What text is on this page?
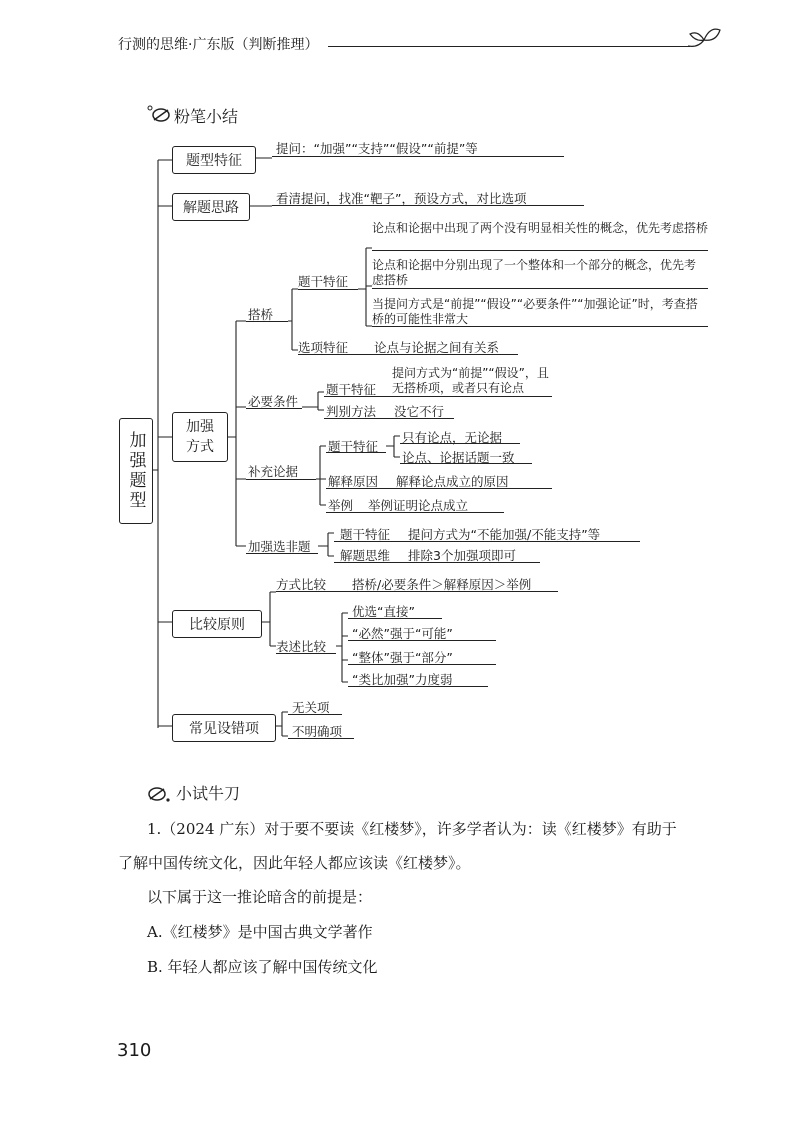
行测的思维·广东版（判断推理）
粉笔小结
加强题型
题型特征
提问：“加强”“支持”“假设”“前提”等
解题思路
看清提问，找准“靶子”，预设方式，对比选项
加强方式
搭桥
题干特征
论点和论据中出现了两个没有明显相关性的概念，优先考虑搭桥
论点和论据中分别出现了一个整体和一个部分的概念，优先考虑搭桥
当提问方式是“前提”“假设”“必要条件”“加强论证”时，考查搭桥的可能性非常大
选项特征 论点与论据之间有关系
必要条件
题干特征
提问方式为“前提”“假设”，且无搭桥项，或者只有论点
判别方法 没它不行
补充论据
题干特征
只有论点，无论据
论点、论据话题一致
解释原因 解释论点成立的原因
举例 举例证明论点成立
加强选非题
题干特征 提问方式为“不能加强/不能支持”等
解题思维 排除3个加强项即可
比较原则
方式比较 搭桥/必要条件＞解释原因＞举例
表述比较
优选“直接”
“必然”强于“可能”
“整体”强于“部分”
“类比加强”力度弱
常见设错项
无关项
不明确项
小试牛刀
1.（2024 广东）对于要不要读《红楼梦》，许多学者认为：读《红楼梦》有助于
了解中国传统文化，因此年轻人都应该读《红楼梦》。
以下属于这一推论暗含的前提是：
A.《红楼梦》是中国古典文学著作
B. 年轻人都应该了解中国传统文化
310
